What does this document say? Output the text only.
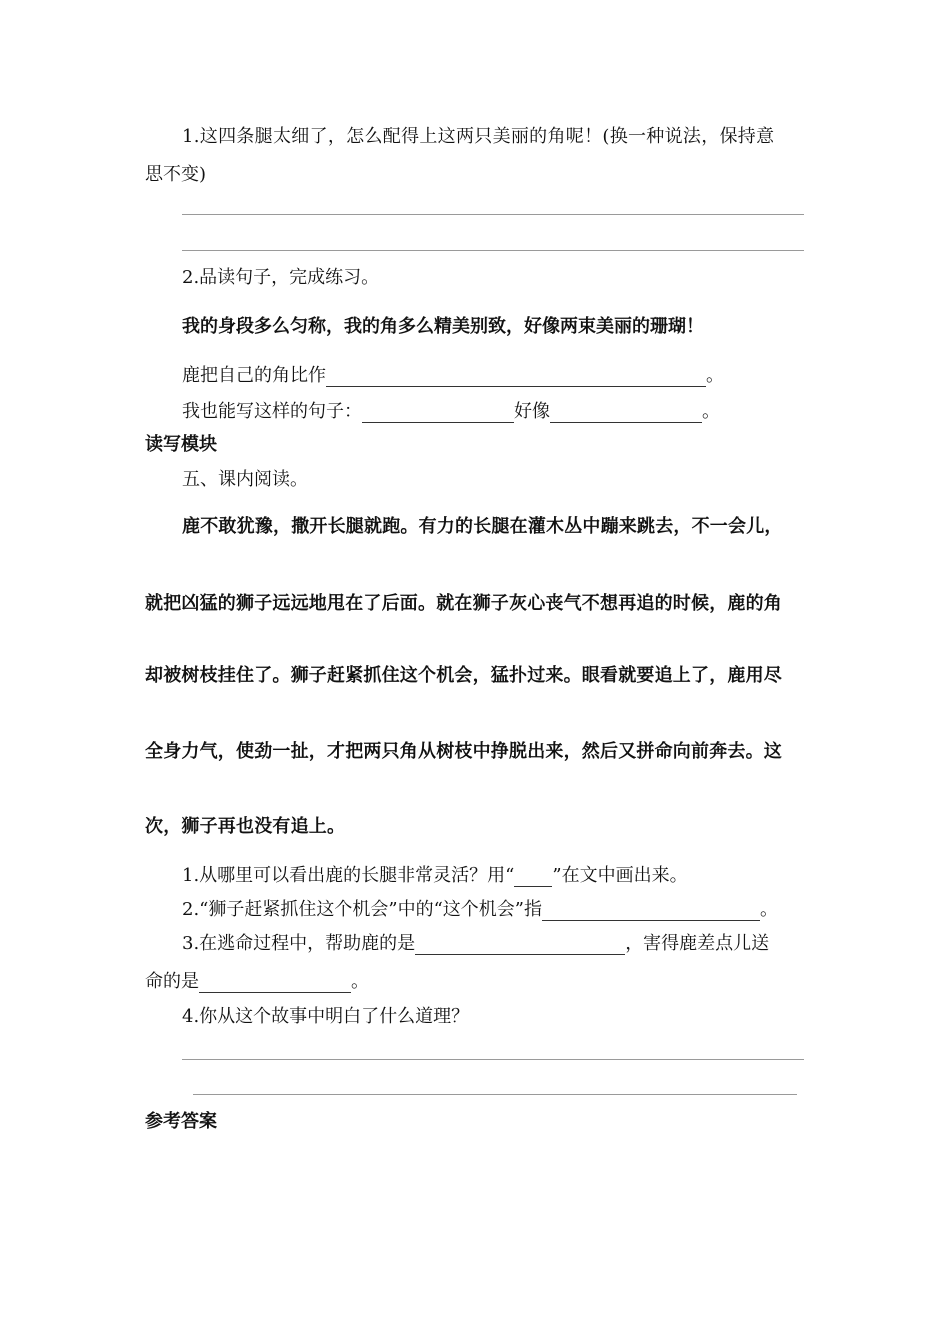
1.这四条腿太细了，怎么配得上这两只美丽的角呢！(换一种说法，保持意
思不变)
2.品读句子，完成练习。
我的身段多么匀称，我的角多么精美别致，好像两束美丽的珊瑚！
鹿把自己的角比作	。
我也能写这样的句子：	好像	。
读写模块
五、课内阅读。
鹿不敢犹豫，撒开长腿就跑。有力的长腿在灌木丛中蹦来跳去，不一会儿，
就把凶猛的狮子远远地甩在了后面。就在狮子灰心丧气不想再追的时候，鹿的角
却被树枝挂住了。狮子赶紧抓住这个机会，猛扑过来。眼看就要追上了，鹿用尽
全身力气，使劲一扯，才把两只角从树枝中挣脱出来，然后又拼命向前奔去。这
次，狮子再也没有追上。
1.从哪里可以看出鹿的长腿非常灵活？用“ ”在文中画出来。
2.“狮子赶紧抓住这个机会”中的“这个机会”指	。
3.在逃命过程中，帮助鹿的是	，害得鹿差点儿送
命的是	。
4.你从这个故事中明白了什么道理？
参考答案
